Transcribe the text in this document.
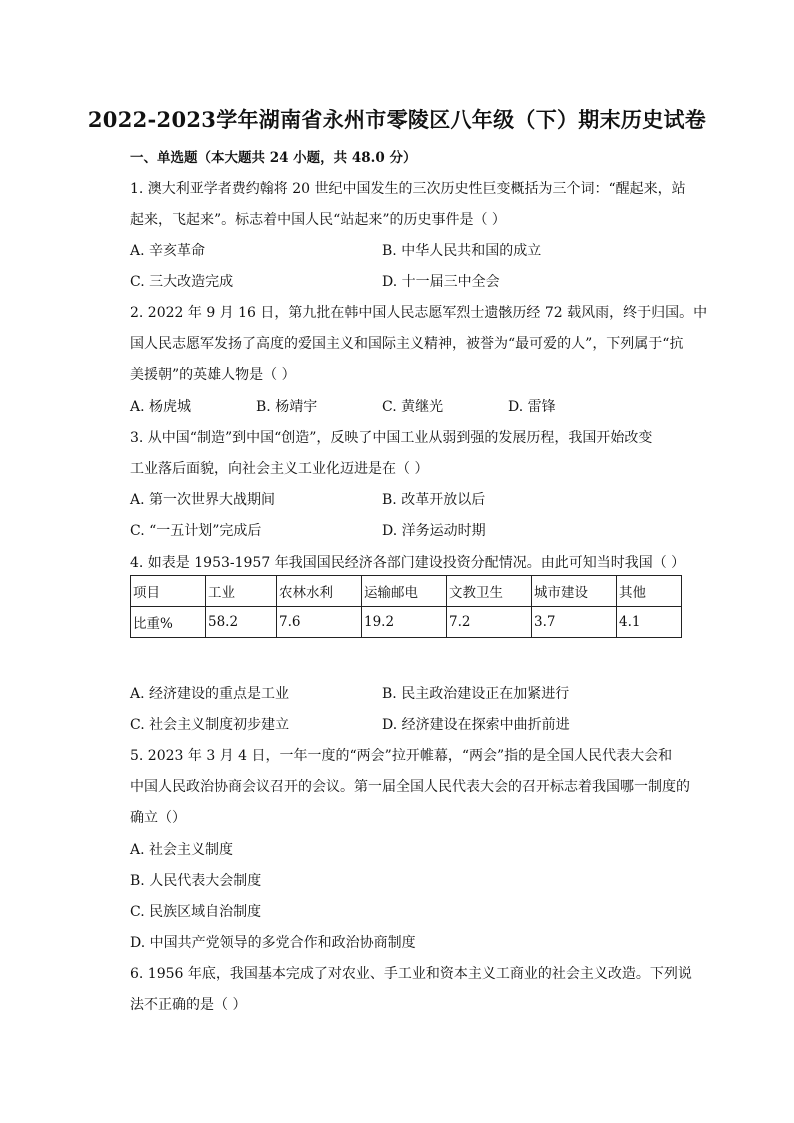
2022-2023学年湖南省永州市零陵区八年级（下）期末历史试卷
一、单选题（本大题共 24 小题，共 48.0 分）
1. 澳大利亚学者费约翰将 20 世纪中国发生的三次历史性巨变概括为三个词：“醒起来，站
起来，飞起来”。标志着中国人民“站起来”的历史事件是（ ）
A. 辛亥革命	B. 中华人民共和国的成立
C. 三大改造完成	D. 十一届三中全会
2. 2022 年 9 月 16 日，第九批在韩中国人民志愿军烈士遗骸历经 72 载风雨，终于归国。中
国人民志愿军发扬了高度的爱国主义和国际主义精神，被誉为“最可爱的人”，下列属于“抗
美援朝”的英雄人物是（ ）
A. 杨虎城	B. 杨靖宇	C. 黄继光	D. 雷锋
3. 从中国“制造”到中国“创造”，反映了中国工业从弱到强的发展历程，我国开始改变
工业落后面貌，向社会主义工业化迈进是在（ ）
A. 第一次世界大战期间	B. 改革开放以后
C. “一五计划”完成后	D. 洋务运动时期
4. 如表是 1953-1957 年我国国民经济各部门建设投资分配情况。由此可知当时我国（ ）
项目	工业	农林水利	运输邮电	文教卫生	城市建设	其他
比重%	58.2	7.6	19.2	7.2	3.7	4.1
A. 经济建设的重点是工业	B. 民主政治建设正在加紧进行
C. 社会主义制度初步建立	D. 经济建设在探索中曲折前进
5. 2023 年 3 月 4 日，一年一度的“两会”拉开帷幕，“两会”指的是全国人民代表大会和
中国人民政治协商会议召开的会议。第一届全国人民代表大会的召开标志着我国哪一制度的
确立（）
A. 社会主义制度
B. 人民代表大会制度
C. 民族区域自治制度
D. 中国共产党领导的多党合作和政治协商制度
6. 1956 年底，我国基本完成了对农业、手工业和资本主义工商业的社会主义改造。下列说
法不正确的是（ ）
